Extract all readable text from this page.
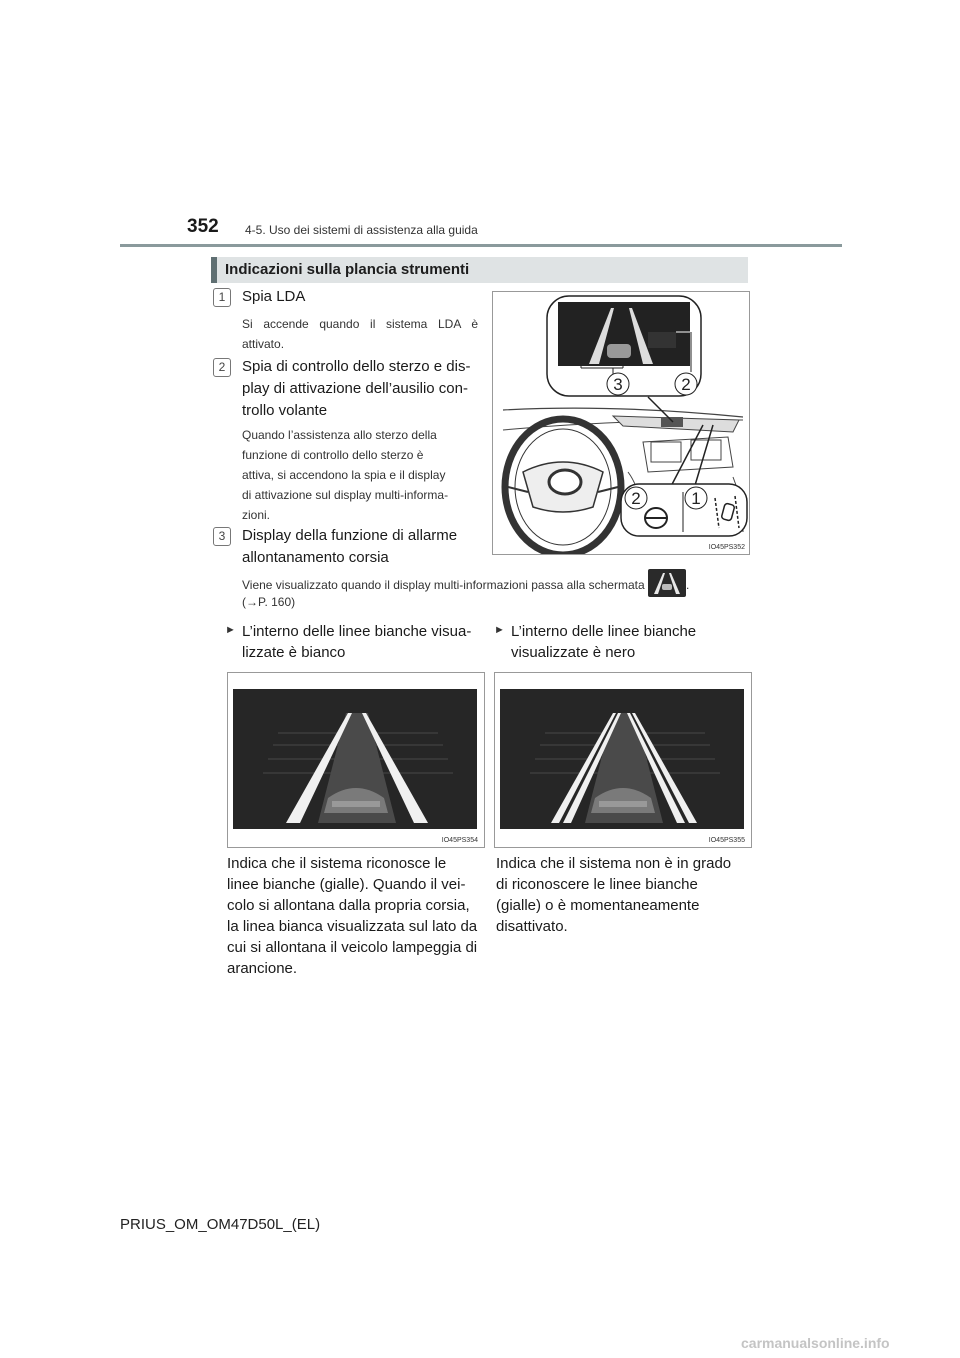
352 4-5. Uso dei sistemi di assistenza alla guida
Indicazioni sulla plancia strumenti
1	Spia LDA
Si accende quando il sistema LDA è attivato.
2	Spia di controllo dello sterzo e dis-
play di attivazione dell’ausilio con-
trollo volante
Quando l’assistenza allo sterzo della
funzione di controllo dello sterzo è
attiva, si accendono la spia e il display
di attivazione sul display multi-informa-
zioni.
3	Display della funzione di allarme
allontanamento corsia
Viene visualizzato quando il display multi-informazioni passa alla schermata	.
(→P. 160)
3	2
2	1
IO45PS352
► L’interno delle linee bianche visua-
lizzate è bianco
► L’interno delle linee bianche
visualizzate è nero
IO45PS354	IO45PS355
Indica che il sistema riconosce le
linee bianche (gialle). Quando il vei-
colo si allontana dalla propria corsia,
la linea bianca visualizzata sul lato da
cui si allontana il veicolo lampeggia di
arancione.
Indica che il sistema non è in grado
di riconoscere le linee bianche
(gialle) o è momentaneamente
disattivato.
PRIUS_OM_OM47D50L_(EL)
carmanualsonline.info
